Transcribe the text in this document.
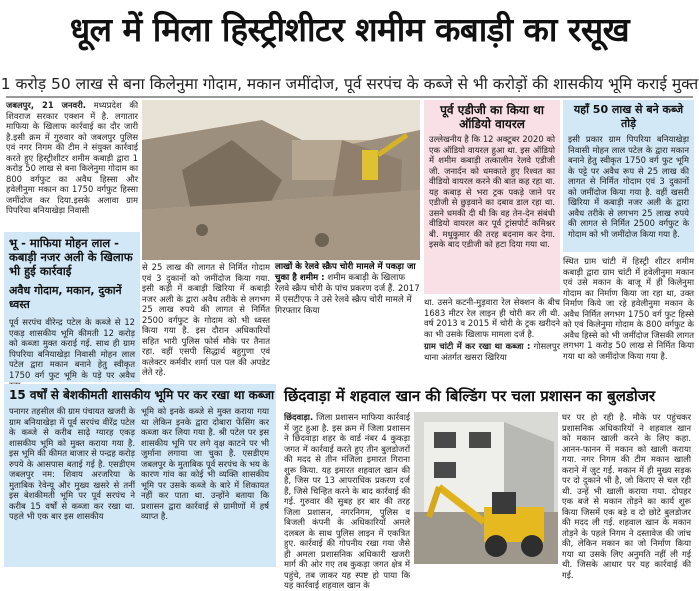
धूल में मिला हिस्ट्रीशीटर शमीम कबाड़ी का रसूख
1 करोड़ 50 लाख से बना किलेनुमा गोदाम, मकान जमींदोज, पूर्व सरपंच के कब्जे से भी करोड़ों की शासकीय भूमि कराई मुक्त
जबलपुर, 21 जनवरी. मध्यप्रदेश की शिवराज सरकार एक्शन में है. लगातार माफिया के खिलाफ कार्रवाई का दौर जारी है.इसी क्रम में गुरुवार को जबलपुर पुलिस एवं नगर निगम की टीम ने संयुक्त कार्रवाई करते हुए हिस्ट्रीशीटर शमीम कबाड़ी द्वारा 1 करोड़ 50 लाख से बना किलेनुमा गोदाम का 800 वर्गफुट का अवैध हिस्सा और हवेलीनुमा मकान का 1750 वर्गफुट हिस्सा जमींदोज कर दिया.इसके अलावा ग्राम पिपरिया बनियाखेड़ा निवासी
भू - माफिया मोहन लाल - कबाड़ी नजर अली के खिलाफ भी हुई कार्रवाई
अवैध गोदाम, मकान, दुकानें ध्वस्त
पूर्व सरपंच वीरेन्द्र पटेल के कब्जे से 12 एकड़ शासकीय भूमि कीमती 12 करोड़ को कब्जा मुक्त कराई गई. साथ ही ग्राम पिपरिया बनियाखेड़ा निवासी मोहन लाल पटेल द्वारा मकान बनाने हेतु स्वीकृत 1750 वर्ग फुट भूमि के पड़े पर अवैध
से 25 लाख की लागत से निर्मित गोदाम एवं 3 दुकानों को जमींदोज किया गया. इसी कड़ी में कबाड़ी खिरिया में कबाड़ी नजर अली के द्वारा अवैध तरीके से लगभग 25 लाख रुपये की लागत से निर्मित 2500 वर्गफुट के गोदाम को भी ध्वस्त किया गया है. इस दौरान अधिकारियों सहित भारी पुलिस फोर्स मौके पर तैनात रहा. वहीं एसपी सिद्धार्थ बहुगुणा एवं कलेक्टर कर्मवीर शर्मा पल पल की अपडेट लेते रहे.
लाखों के रेलवे स्क्रैप चोरी मामले में पकड़ा जा चुका है शमीम : शमीम कबाड़ी के खिलाफ रेलवे स्क्रैप चोरी के पांच प्रकरण दर्ज हैं. 2017 में एसटीएफ ने उसे रेलवे स्क्रैप चोरी मामले में गिरफ्तार किया
पूर्व एडीजी का किया था ऑडियो वायरल
उल्लेखनीय है कि 12 अक्टूबर 2020 को एक ऑडियो वायरल हुआ था. इस ऑडियो में शमीम कबाड़ी तत्कालीन रेलवे एडीजी जी. जनार्दन को धमकाते हुए रिश्वत का वीडियो वायरल करने की बात कह रहा था. यह कबाड़ से भरा ट्रक पकड़े जाने पर एडीजी से छुड़वाने का दबाव डाल रहा था. उसने धमकी दी थी कि वह तेन-देन संबंधी वीडियो वायरल कर पूर्व ट्रांसपोर्ट कमिश्नर बी. मधुकुमार की तरह बदनाम कर देगा. इसके बाद एडीजी को हटा दिया गया था.
था. उसने कटनी-मुड़वारा रेल सेक्शन के बीच 1683 मीटर रेल लाइन ही चोरी कर ली थी. वर्ष 2013 व 2015 में चोरी के ट्रक खरीदने का भी उसके खिलाफ मामला दर्ज है.
ग्राम चांटी में कर रखा था कब्जा : गोसलपुर थाना अंतर्गत खसरा खिरिया
यहाँ 50 लाख से बने कब्जे तोड़े
इसी प्रकार ग्राम पिपरिया बनियाखेड़ा निवासी मोहन लाल पटेल के द्वारा मकान बनाने हेतु स्वीकृत 1750 वर्ग फुट भूमि के पट्टे पर अवैध रूप से 25 लाख की लागत से निर्मित गोदाम एवं 3 दुकानों को जमींदोज किया गया है. वहीं खसरी खिरिया में कबाड़ी नजर अली के द्वारा अवैध तरीके से लगभग 25 लाख रुपये की लागत से निर्मित 2500 वर्गफुट के गोदाम को भी जमींदोज किया गया है.
स्थित ग्राम चांटी में हिस्ट्री शीटर शमीम कबाड़ी द्वारा ग्राम चांटी में हवेलीनुमा मकान एवं उसे मकान के बाजू में ही किलेनुमा गोदाम का निर्माण किया जा रहा था, उक्त निर्माण किये जा रहे हवेलीनुमा मकान के अवैध निर्मित लगभग 1750 वर्ग फुट हिस्से को एवं किलेनुमा गोदाम के 800 वर्गफुट के अवैध हिस्से को भी जमींदोज जिसकी लागत लगभग 1 करोड़ 50 लाख से निर्मित किया गया था को जमींदोज किया गया है.
15 वर्षों से बेशकीमती शासकीय भूमि पर कर रखा था कब्जा
पनागर तहसील की ग्राम पंचायत खजरी के ग्राम बनियाखेड़ा में पूर्व सरपंच वीरेंद्र पटेल के कब्जे से करीब साढ़े ग्यारह एकड़ शासकीय भूमि को मुक्त कराया गया है. इस भूमि की कीमत बाजार से पन्द्रह करोड़ रुपये के आसपास बताई गई है. एसडीएम जबलपुर नम: शिवाय अरजरिया के मुताबिक रेवेन्यू और मुख्य खसरे से तनीं इस बेशकीमती भूमि पर पूर्व सरपंच ने करीब 15 वर्षों से कब्जा कर रखा था. पहले भी एक बार इस शासकीय
भूमि को इनके कब्जे से मुक्त कराया गया था लेकिन इनके द्वारा दोबारा फेंसिंग कर कब्जा कर लिया गया है. श्री पटेल पर इस शासकीय भूमि पर लगे वृक्ष काटने पर भी जुर्माना लगाया जा चुका है. एसडीएम जबलपुर के मुताबिक पूर्व सरपंच के भय के कारण गांव का कोई भी व्यक्ति शासकीय भूमि पर उसके कब्जे के बारे में शिकायत नहीं कर पाता था. उन्होंने बताया कि प्रशासन द्वारा कार्रवाई से ग्रामीणों में हर्ष व्याप्त है.
छिंदवाड़ा में शहवाल खान की बिल्डिंग पर चला प्रशासन का बुलडोजर
छिंदवाड़ा. जिला प्रशासन माफिया कार्रवाई में जुट हुआ है. इस क्रम में जिला प्रशासन ने छिंदवाड़ा शहर के वार्ड नंबर 4 कुकड़ा जगत में कार्रवाई करते हुए तीन बुलडोजरों की मदद से तीन मंजिला इमारत गिराना शुरू किया. यह इमारत शहवाल खान की है, जिस पर 13 आपराधिक प्रकरण दर्ज हैं, जिसे चिन्हित करने के बाद कार्रवाई की गई. गुरुवार की सुबह हर बार की तरह जिला प्रशासन, नगरनिगम, पुलिस व बिजली कंपनी के अधिकारियों अमले दलबल के साथ पुलिस लाइन में एकत्रित हुए. कार्रवाई की गोपनीय रखा गया जैसे ही अमला प्रशासनिक अधिकारी खजरी मार्ग की ओर गए तब कुकड़ा जगत क्षेत्र में पहुंचे, तब जाकर यह स्पष्ट हो पाया कि यह कार्रवाई शहवाल खान के
घर पर हो रही है. मौके पर पहुंचकर प्रशासनिक अधिकारियों ने शहवाल खान को मकान खाली करने के लिए कहा. आनन-फानन में मकान को खाली कराया गया. नगर निगम की टीम मकान खाली कराने में जुट गई. मकान में ही मुख्य सड़क पर दो दुकाने भी है, जो किराए से चल रही थी. उन्हें भी खाली कराया गया. दोपहर एक बजे से मकान तोड़ने का कार्य शुरू किया जिसमें एक बड़े व दो छोटे बुलडोजर की मदद ली गई. शहवाल खान के मकान तोड़ने के पहले निगम ने दस्तावेज की जांच की, लेकिन मकान का जो निर्माण किया गया था उसके लिए अनुमति नहीं ली गई थी. जिसके आधार पर यह कार्रवाई की गई.
